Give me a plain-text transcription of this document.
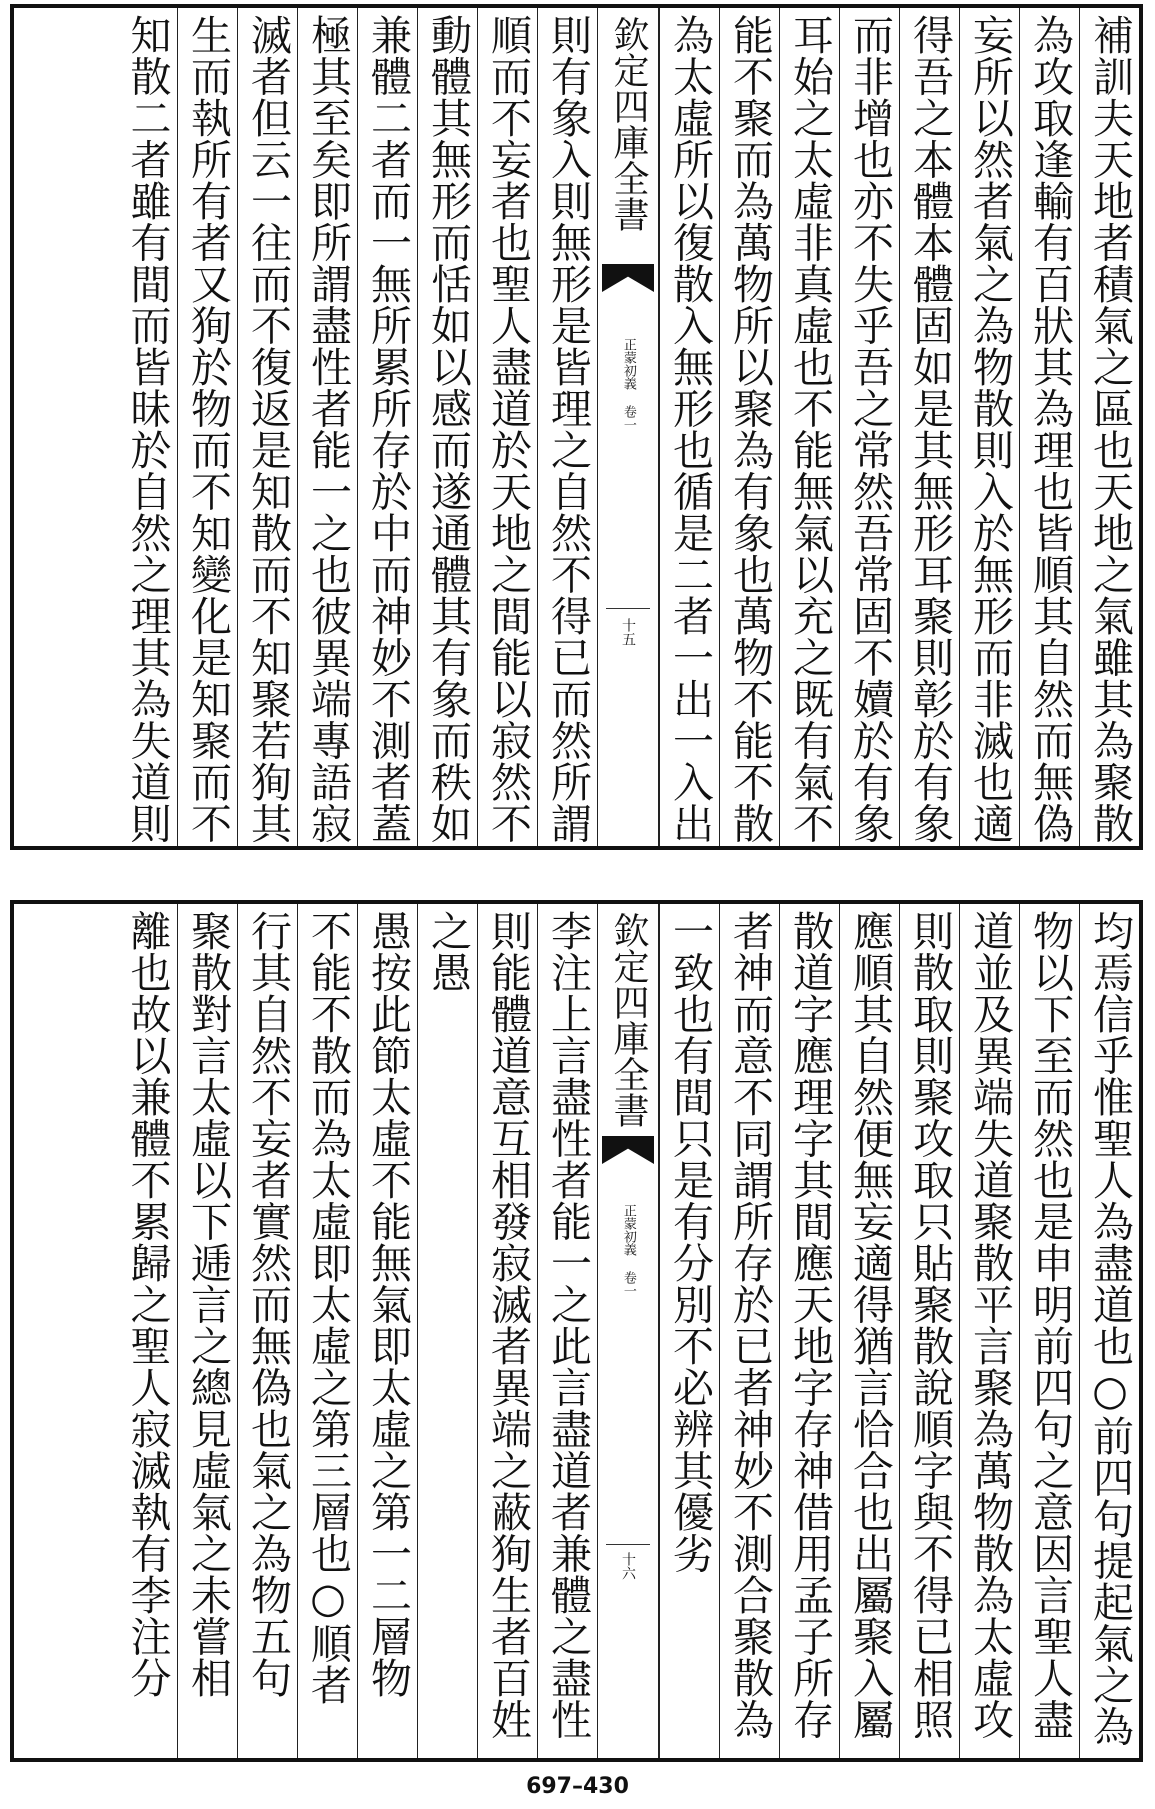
補訓夫天地者積氣之區也天地之氣雖其為聚散
為攻取逢輸有百狀其為理也皆順其自然而無偽
妄所以然者氣之為物散則入於無形而非滅也適
得吾之本體本體固如是其無形耳聚則彰於有象
而非增也亦不失乎吾之常然吾常固不嬻於有象
耳始之太虛非真虛也不能無氣以充之既有氣不
能不聚而為萬物所以聚為有象也萬物不能不散
為太虛所以復散入無形也循是二者一出一入出
欽定四庫全書
正蒙初義 卷一
十五
則有象入則無形是皆理之自然不得已而然所謂
順而不妄者也聖人盡道於天地之間能以寂然不
動體其無形而恬如以感而遂通體其有象而秩如
兼體二者而一無所累所存於中而神妙不測者蓋
極其至矣即所謂盡性者能一之也彼異端專語寂
滅者但云一往而不復返是知散而不知聚若狥其
生而執所有者又狥於物而不知變化是知聚而不
知散二者雖有間而皆昧於自然之理其為失道則
均焉信乎惟聖人為盡道也○前四句提起氣之為
物以下至而然也是申明前四句之意因言聖人盡
道並及異端失道聚散平言聚為萬物散為太虛攻
則散取則聚攻取只貼聚散說順字與不得已相照
應順其自然便無妄適得猶言恰合也出屬聚入屬
散道字應理字其間應天地字存神借用孟子所存
者神而意不同謂所存於已者神妙不測合聚散為
一致也有間只是有分別不必辨其優劣
欽定四庫全書
正蒙初義 卷一
十六
李注上言盡性者能一之此言盡道者兼體之盡性
則能體道意互相發寂滅者異端之蔽狥生者百姓
之愚
愚按此節太虛不能無氣即太虛之第一二層物
不能不散而為太虛即太虛之第三層也○順者
行其自然不妄者實然而無偽也氣之為物五句
聚散對言太虛以下逓言之總見虛氣之未嘗相
離也故以兼體不累歸之聖人寂滅執有李注分
697–430
